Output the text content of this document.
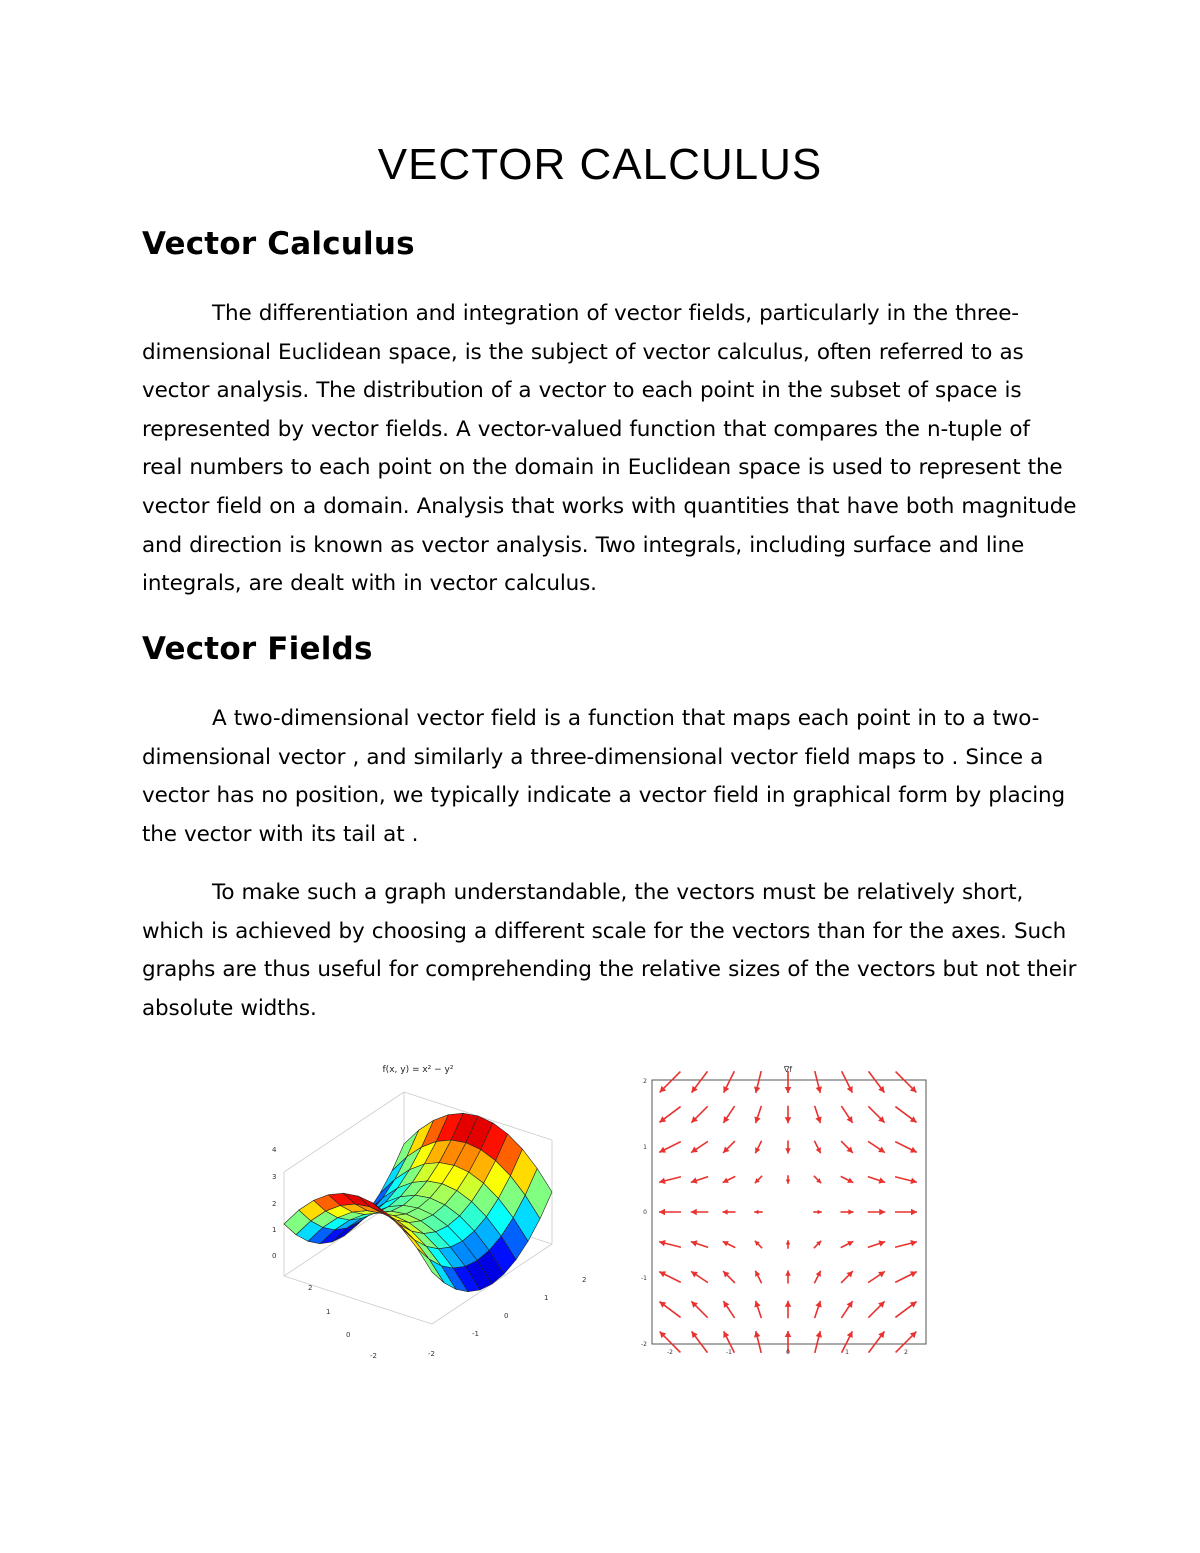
VECTOR CALCULUS
Vector Calculus

The differentiation and integration of vector fields, particularly in the three-dimensional Euclidean space, is the subject of vector calculus, often referred to as vector analysis. The distribution of a vector to each point in the subset of space is represented by vector fields. A vector-valued function that compares the n-tuple of real numbers to each point on the domain in Euclidean space is used to represent the vector field on a domain. Analysis that works with quantities that have both magnitude and direction is known as vector analysis. Two integrals, including surface and line integrals, are dealt with in vector calculus.

Vector Fields

A two-dimensional vector field is a function that maps each point in to a two-dimensional vector , and similarly a three-dimensional vector field maps to . Since a vector has no position, we typically indicate a vector field in graphical form by placing the vector with its tail at .

To make such a graph understandable, the vectors must be relatively short, which is achieved by choosing a different scale for the vectors than for the axes. Such graphs are thus useful for comprehending the relative sizes of the vectors but not their absolute widths.

f(x, y) = x² − y²
4
3
2
1
0
2
1
0
-2	-2
-1
0
1
2
∇f
2
1
0
-1
-2
-2	-1	0	1	2
